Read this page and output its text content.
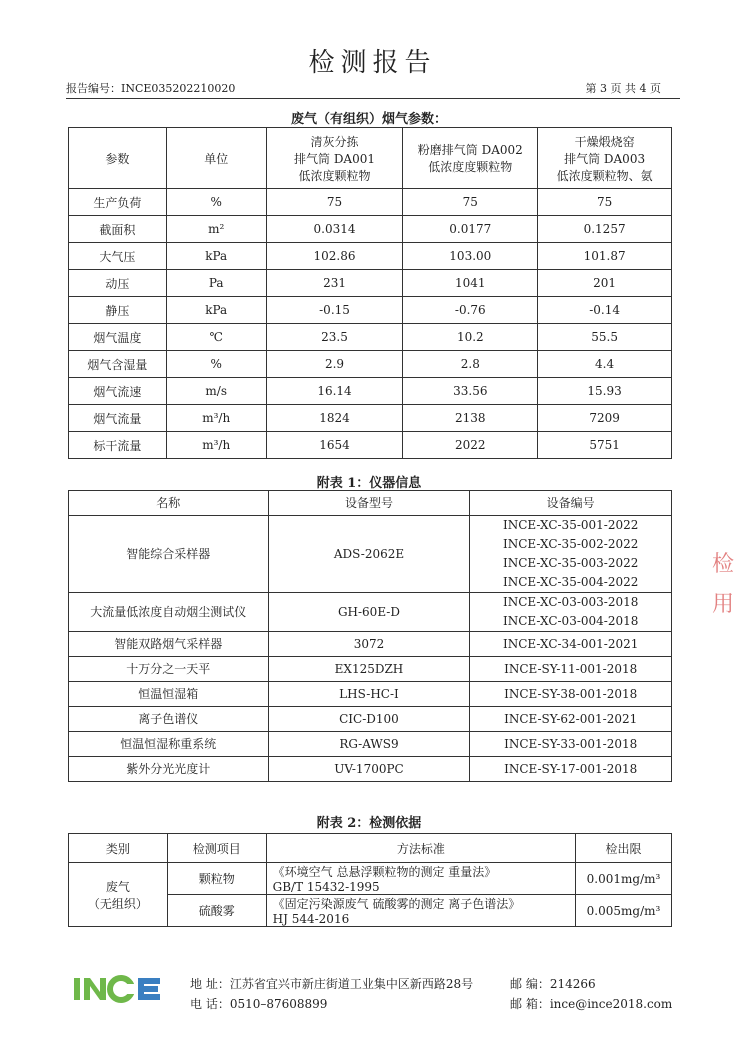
检测报告
报告编号：INCE035202210020	第 3 页 共 4 页
废气（有组织）烟气参数：
参数	单位	清灰分拣
排气筒 DA001
低浓度颗粒物	粉磨排气筒 DA002
低浓度度颗粒物	干燥煅烧窑
排气筒 DA003
低浓度颗粒物、氨
生产负荷	%	75	75	75
截面积	m²	0.0314	0.0177	0.1257
大气压	kPa	102.86	103.00	101.87
动压	Pa	231	1041	201
静压	kPa	-0.15	-0.76	-0.14
烟气温度	℃	23.5	10.2	55.5
烟气含湿量	%	2.9	2.8	4.4
烟气流速	m/s	16.14	33.56	15.93
烟气流量	m³/h	1824	2138	7209
标干流量	m³/h	1654	2022	5751
附表 1：仪器信息
名称	设备型号	设备编号
智能综合采样器	ADS-2062E	INCE-XC-35-001-2022
INCE-XC-35-002-2022
INCE-XC-35-003-2022
INCE-XC-35-004-2022
大流量低浓度自动烟尘测试仪	GH-60E-D	INCE-XC-03-003-2018
INCE-XC-03-004-2018
智能双路烟气采样器	3072	INCE-XC-34-001-2021
十万分之一天平	EX125DZH	INCE-SY-11-001-2018
恒温恒湿箱	LHS-HC-I	INCE-SY-38-001-2018
离子色谱仪	CIC-D100	INCE-SY-62-001-2021
恒温恒湿称重系统	RG-AWS9	INCE-SY-33-001-2018
紫外分光光度计	UV-1700PC	INCE-SY-17-001-2018
附表 2：检测依据
类别	检测项目	方法标准	检出限
废气
（无组织）	颗粒物	《环境空气 总悬浮颗粒物的测定 重量法》
GB/T 15432-1995	0.001mg/m³
	硫酸雾	《固定污染源废气 硫酸雾的测定 离子色谱法》
HJ 544-2016	0.005mg/m³
地 址：江苏省宜兴市新庄街道工业集中区新西路28号	邮 编：214266
电 话：0510–87608899	邮 箱：ince@ince2018.com
检
用
